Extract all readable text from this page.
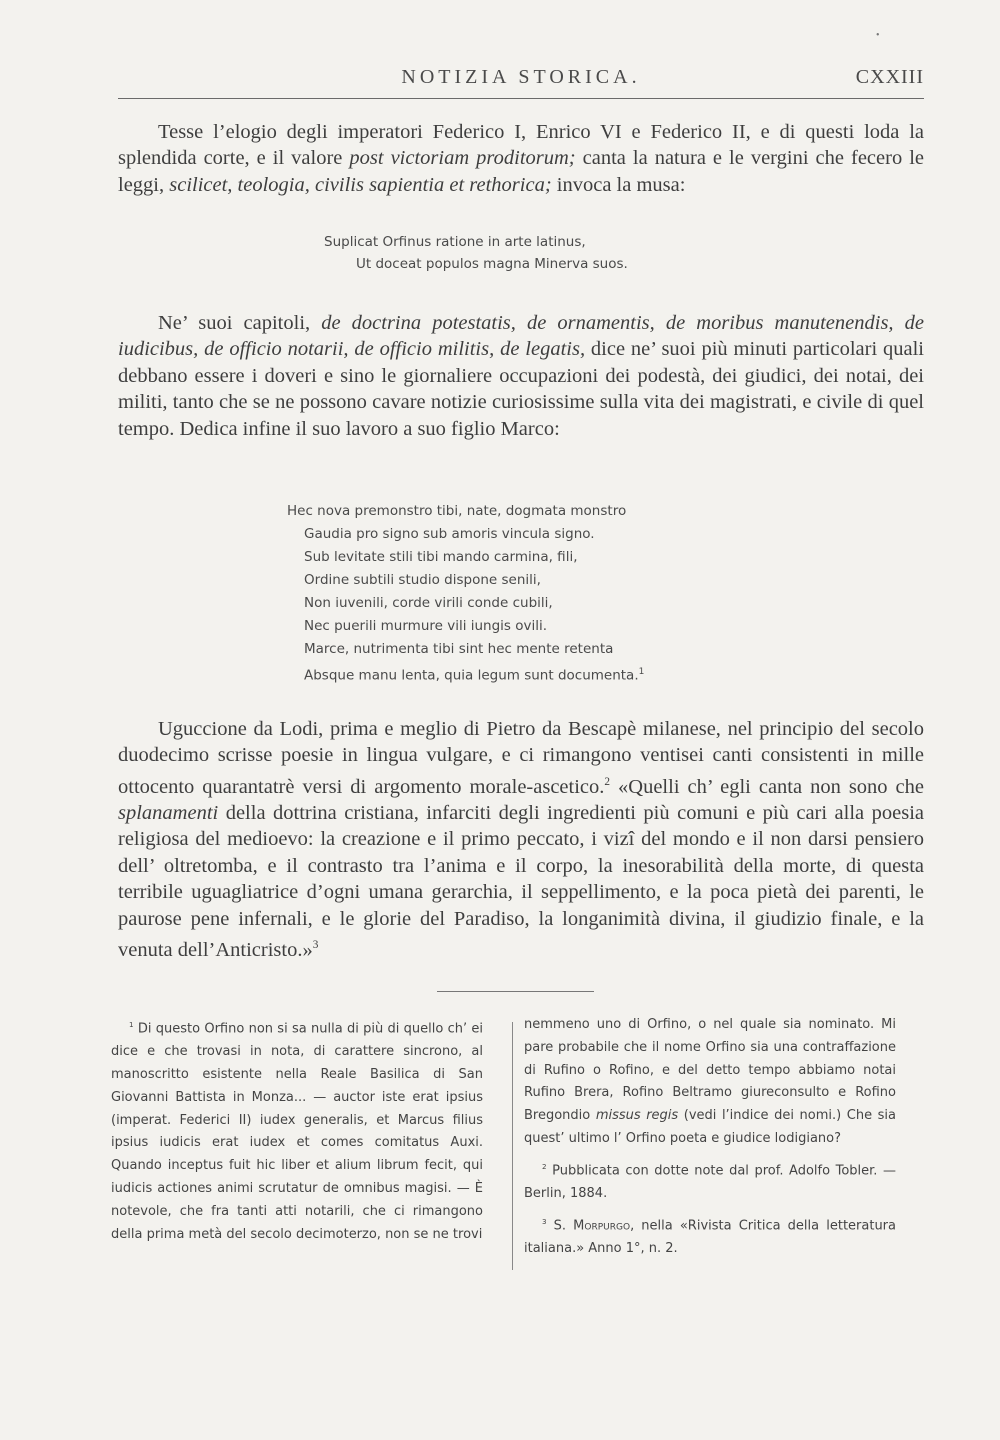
•
NOTIZIA STORICA.	CXXIII

Tesse l’elogio degli imperatori Federico I, Enrico VI e Federico II, e di questi loda la splendida corte, e il valore post victoriam proditorum; canta la natura e le vergini che fecero le leggi, scilicet, teologia, civilis sapientia et rethorica; invoca la musa:

Suplicat Orfinus ratione in arte latinus,
Ut doceat populos magna Minerva suos.

Ne’ suoi capitoli, de doctrina potestatis, de ornamentis, de moribus manutenendis, de iudicibus, de officio notarii, de officio militis, de legatis, dice ne’ suoi più minuti particolari quali debbano essere i doveri e sino le giornaliere occupazioni dei podestà, dei giudici, dei notai, dei militi, tanto che se ne possono cavare notizie curiosissime sulla vita dei magistrati, e civile di quel tempo. Dedica infine il suo lavoro a suo figlio Marco:

Hec nova premonstro tibi, nate, dogmata monstro
Gaudia pro signo sub amoris vincula signo.
Sub levitate stili tibi mando carmina, fili,
Ordine subtili studio dispone senili,
Non iuvenili, corde virili conde cubili,
Nec puerili murmure vili iungis ovili.
Marce, nutrimenta tibi sint hec mente retenta
Absque manu lenta, quia legum sunt documenta.$^1$

Uguccione da Lodi, prima e meglio di Pietro da Bescapè milanese, nel principio del secolo duodecimo scrisse poesie in lingua vulgare, e ci rimangono ventisei canti consistenti in mille ottocento quarantatrè versi di argomento morale-ascetico.$^2$ «Quelli ch’ egli canta non sono che splanamenti della dottrina cristiana, infarciti degli ingredienti più comuni e più cari alla poesia religiosa del medioevo: la creazione e il primo peccato, i vizî del mondo e il non darsi pensiero dell’ oltretomba, e il contrasto tra l’anima e il corpo, la inesorabilità della morte, di questa terribile uguagliatrice d’ogni umana gerarchia, il seppellimento, e la poca pietà dei parenti, le paurose pene infernali, e le glorie del Paradiso, la longanimità divina, il giudizio finale, e la venuta dell’Anticristo.»$^3$

$^1$ Di questo Orfino non si sa nulla di più di quello ch’ ei dice e che trovasi in nota, di carattere sincrono, al manoscritto esistente nella Reale Basilica di San Giovanni Battista in Monza... — auctor iste erat ipsius (imperat. Federici II) iudex generalis, et Marcus filius ipsius iudicis erat iudex et comes comitatus Auxi. Quando inceptus fuit hic liber et alium librum fecit, qui iudicis actiones animi scrutatur de omnibus magisi. — È notevole, che fra tanti atti notarili, che ci rimangono della prima metà del secolo decimoterzo, non se ne trovi

nemmeno uno di Orfino, o nel quale sia nominato. Mi pare probabile che il nome Orfino sia una contraffazione di Rufino o Rofino, e del detto tempo abbiamo notai Rufino Brera, Rofino Beltramo giureconsulto e Rofino Bregondio missus regis (vedi l’indice dei nomi.) Che sia quest’ ultimo l’ Orfino poeta e giudice lodigiano?

$^2$ Pubblicata con dotte note dal prof. Adolfo Tobler. — Berlin, 1884.

$^3$ S. Morpurgo, nella «Rivista Critica della letteratura italiana.» Anno 1°, n. 2.
